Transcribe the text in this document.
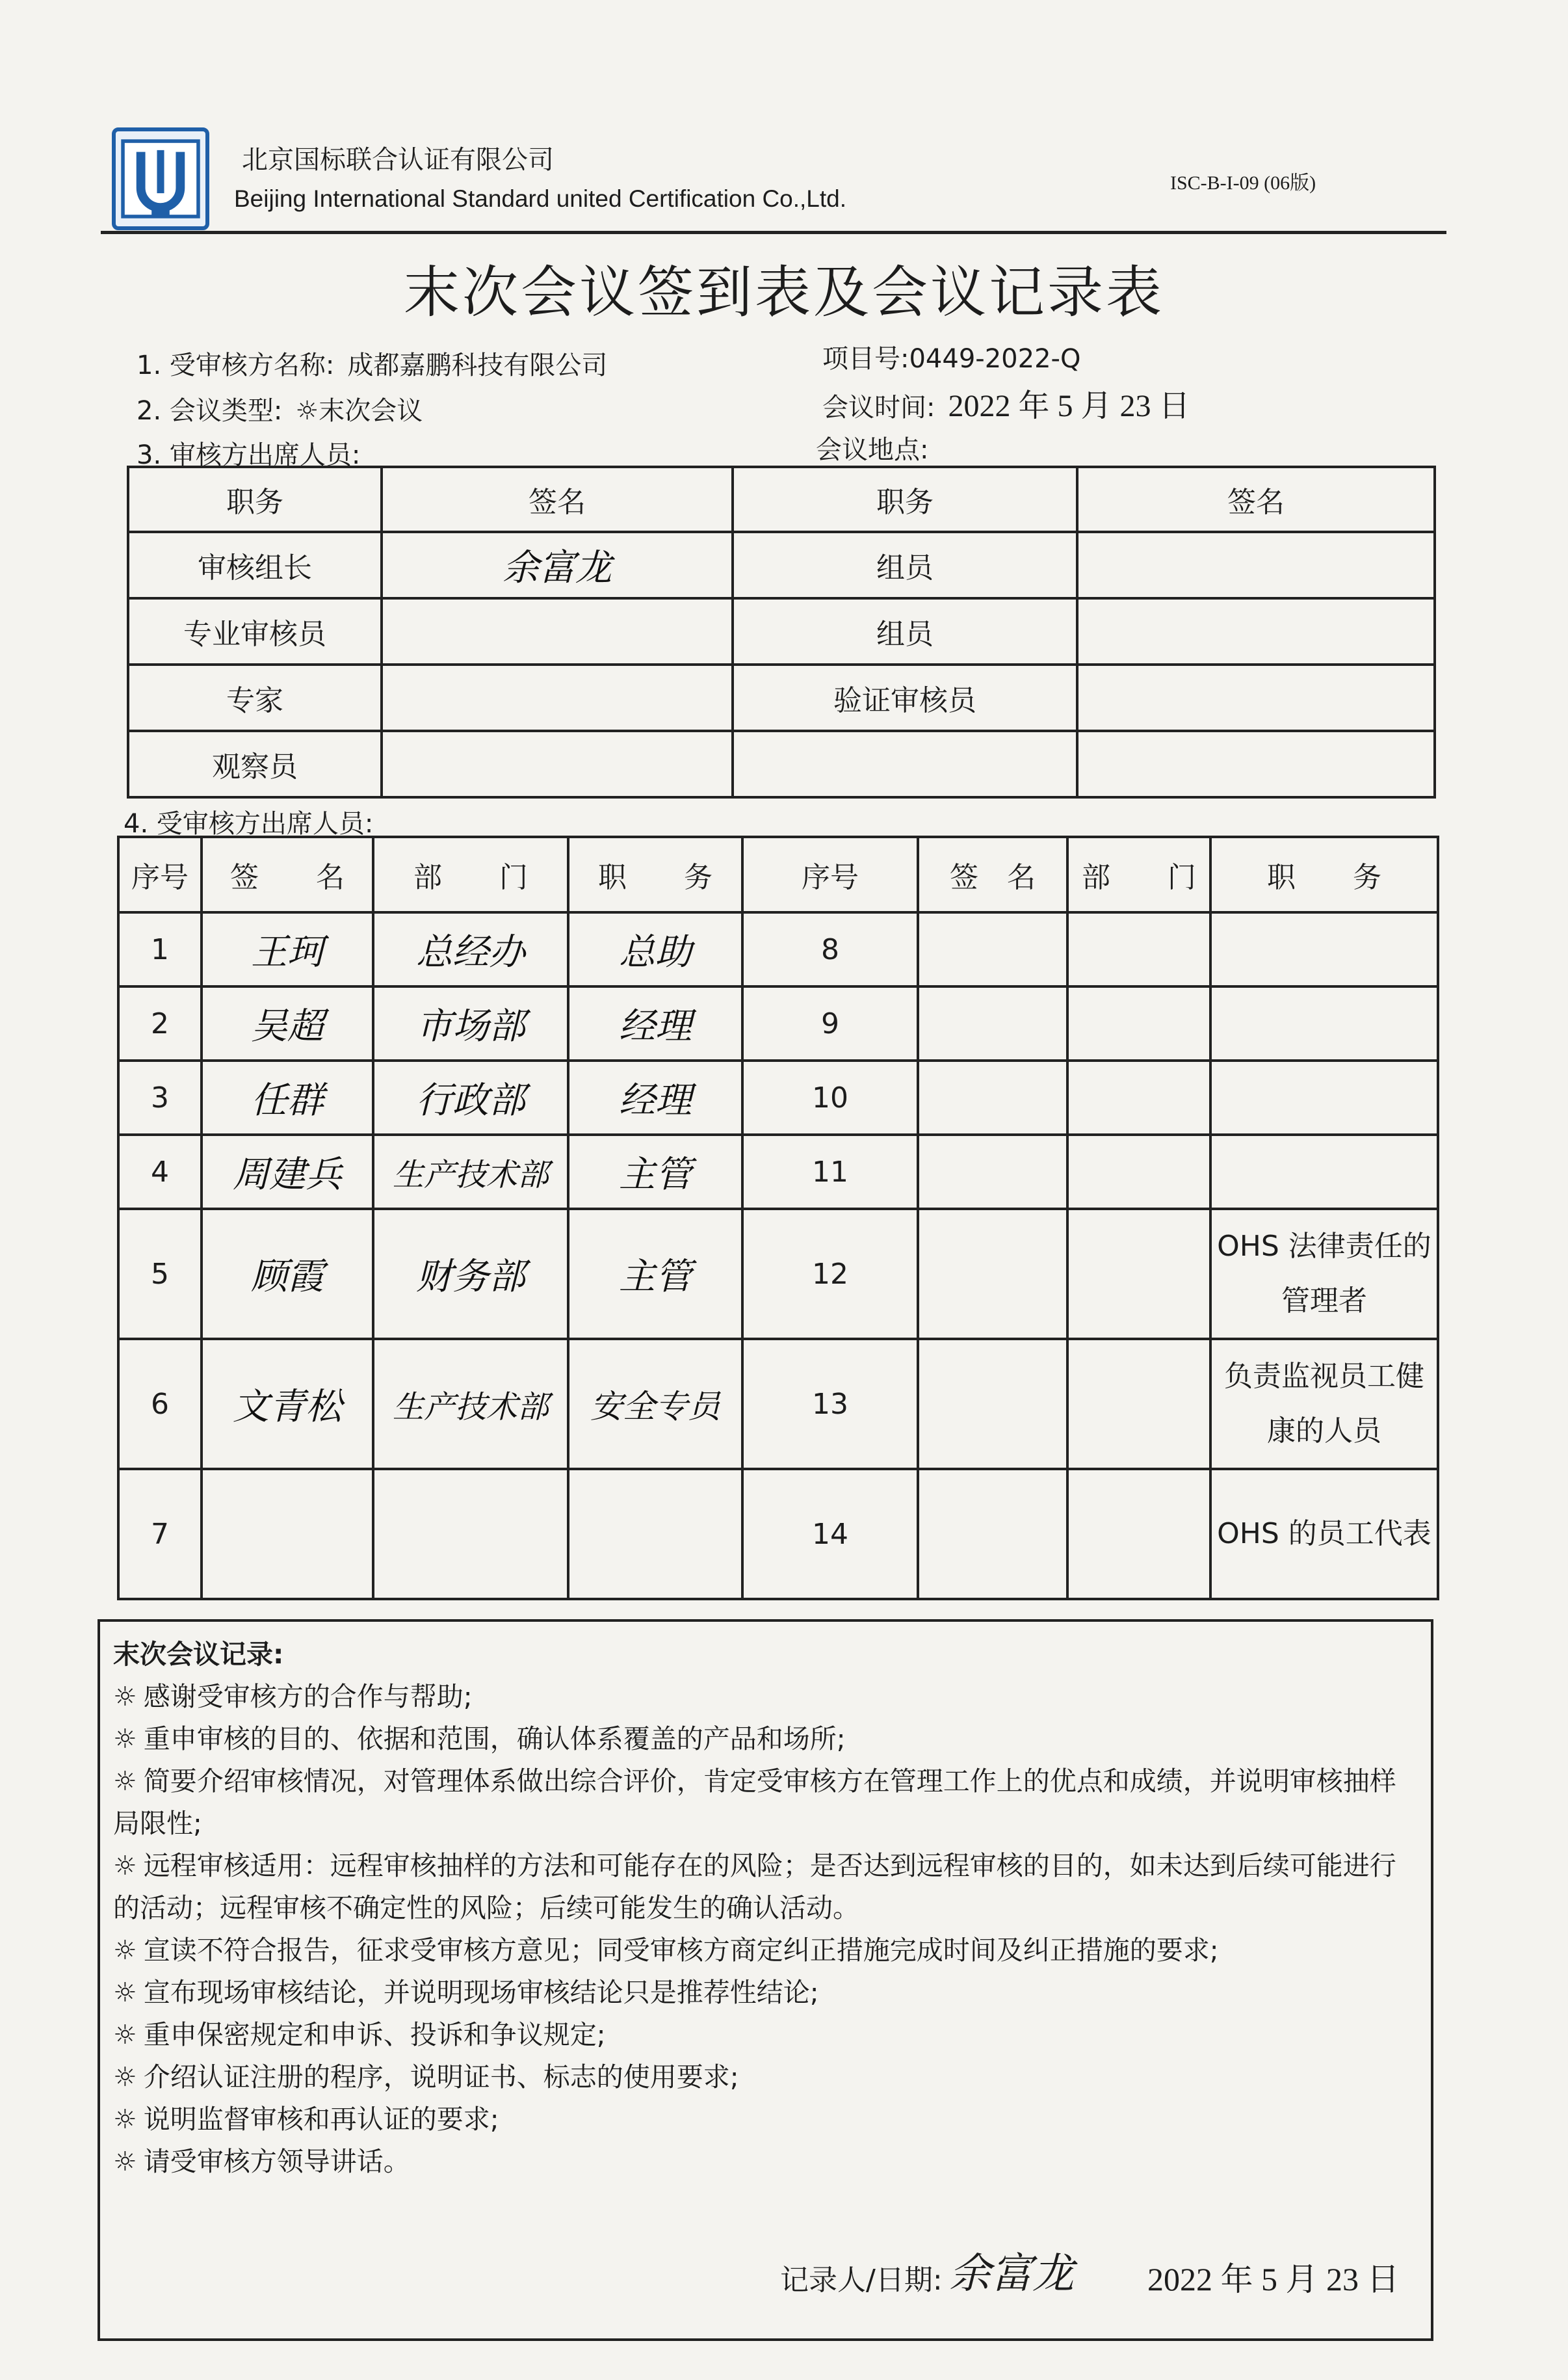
北京国标联合认证有限公司
Beijing International Standard united Certification Co.,Ltd.
ISC-B-I-09 (06版)
末次会议签到表及会议记录表
1. 受审核方名称: 成都嘉鹏科技有限公司	项目号:0449-2022-Q
2. 会议类型: ☼末次会议	会议时间: 2022 年 5 月 23 日
3. 审核方出席人员:	会议地点:
职务	签名	职务	签名
审核组长	余富龙	组员	
专业审核员		组员	
专家		验证审核员	
观察员			
4. 受审核方出席人员:
序号	签　　名	部　　门	职　　务	序号	签　名	部　　门	职　　务
1	王珂	总经办	总助	8			
2	吴超	市场部	经理	9			
3	任群	行政部	经理	10			
4	周建兵	生产技术部	主管	11			
5	顾霞	财务部	主管	12			OHS 法律责任的管理者
6	文青松	生产技术部	安全专员	13			负责监视员工健康的人员
7				14			OHS 的员工代表
末次会议记录:

☼ 感谢受审核方的合作与帮助;

☼ 重申审核的目的、依据和范围，确认体系覆盖的产品和场所;

☼ 简要介绍审核情况，对管理体系做出综合评价，肯定受审核方在管理工作上的优点和成绩，并说明审核抽样局限性;

☼ 远程审核适用：远程审核抽样的方法和可能存在的风险；是否达到远程审核的目的，如未达到后续可能进行的活动；远程审核不确定性的风险；后续可能发生的确认活动。

☼ 宣读不符合报告，征求受审核方意见；同受审核方商定纠正措施完成时间及纠正措施的要求;

☼ 宣布现场审核结论，并说明现场审核结论只是推荐性结论;

☼ 重申保密规定和申诉、投诉和争议规定;

☼ 介绍认证注册的程序，说明证书、标志的使用要求;

☼ 说明监督审核和再认证的要求;

☼ 请受审核方领导讲话。

记录人/日期: 余富龙 2022 年 5 月 23 日
